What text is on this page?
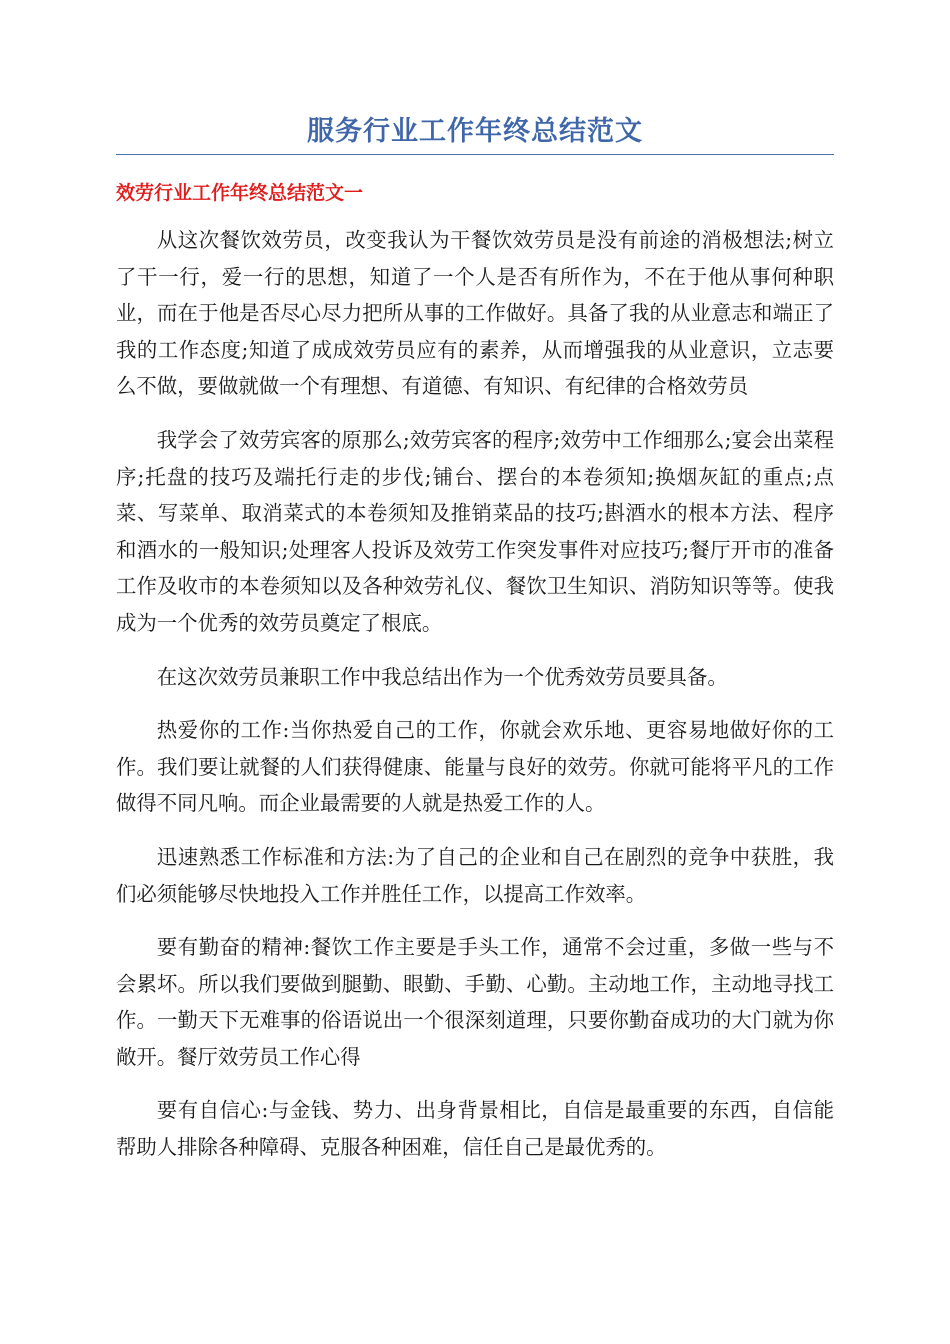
服务行业工作年终总结范文
效劳行业工作年终总结范文一

从这次餐饮效劳员，改变我认为干餐饮效劳员是没有前途的消极想法;树立了干一行，爱一行的思想，知道了一个人是否有所作为，不在于他从事何种职业，而在于他是否尽心尽力把所从事的工作做好。具备了我的从业意志和端正了我的工作态度;知道了成成效劳员应有的素养，从而增强我的从业意识，立志要么不做，要做就做一个有理想、有道德、有知识、有纪律的合格效劳员

我学会了效劳宾客的原那么;效劳宾客的程序;效劳中工作细那么;宴会出菜程序;托盘的技巧及端托行走的步伐;铺台、摆台的本卷须知;换烟灰缸的重点;点菜、写菜单、取消菜式的本卷须知及推销菜品的技巧;斟酒水的根本方法、程序和酒水的一般知识;处理客人投诉及效劳工作突发事件对应技巧;餐厅开市的准备工作及收市的本卷须知以及各种效劳礼仪、餐饮卫生知识、消防知识等等。使我成为一个优秀的效劳员奠定了根底。

在这次效劳员兼职工作中我总结出作为一个优秀效劳员要具备。

热爱你的工作:当你热爱自己的工作，你就会欢乐地、更容易地做好你的工作。我们要让就餐的人们获得健康、能量与良好的效劳。你就可能将平凡的工作做得不同凡响。而企业最需要的人就是热爱工作的人。

迅速熟悉工作标准和方法:为了自己的企业和自己在剧烈的竞争中获胜，我们必须能够尽快地投入工作并胜任工作，以提高工作效率。

要有勤奋的精神:餐饮工作主要是手头工作，通常不会过重，多做一些与不会累坏。所以我们要做到腿勤、眼勤、手勤、心勤。主动地工作，主动地寻找工作。一勤天下无难事的俗语说出一个很深刻道理，只要你勤奋成功的大门就为你敞开。餐厅效劳员工作心得

要有自信心:与金钱、势力、出身背景相比，自信是最重要的东西，自信能帮助人排除各种障碍、克服各种困难，信任自己是最优秀的。
